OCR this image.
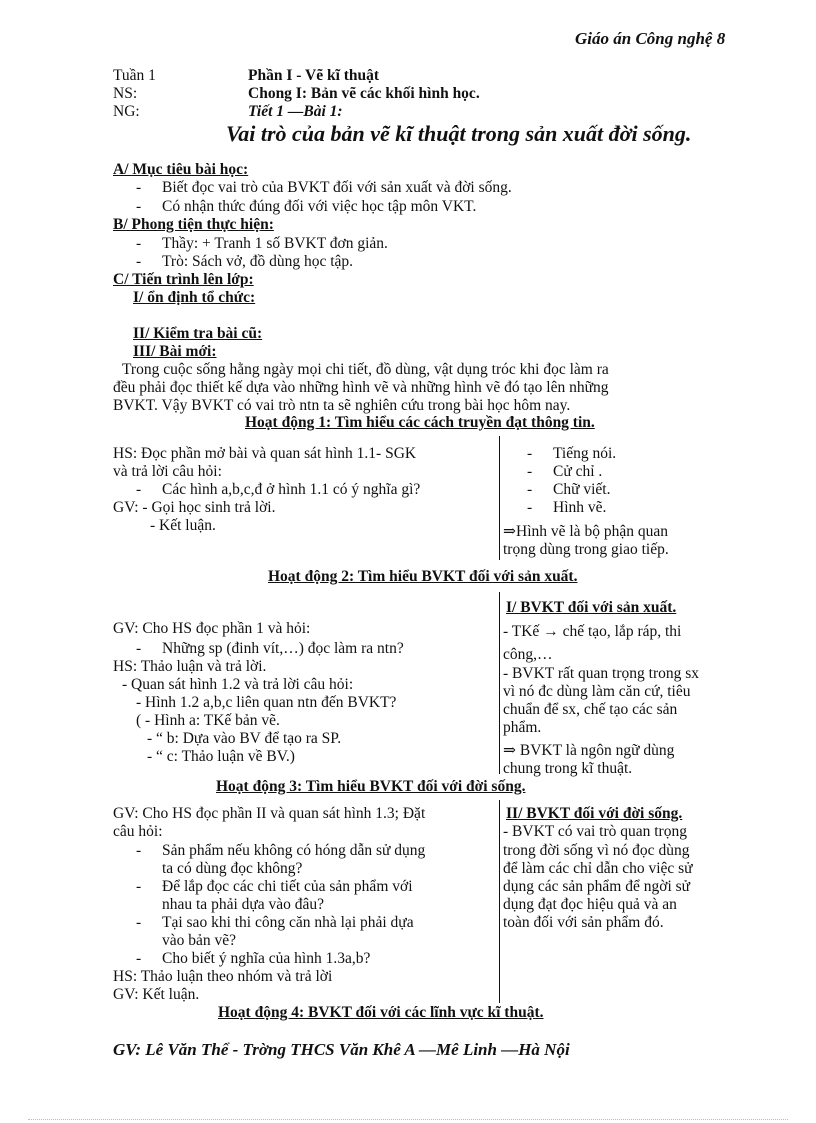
Giáo án Công nghệ 8
Tuần 1
NS:
NG:
Phần I - Vẽ kĩ thuật
Chong I: Bản vẽ các khối hình học.
Tiết 1 —Bài 1:
Vai trò của bản vẽ kĩ thuật trong sản xuất đời sống.
A/ Mục tiêu bài học:
- Biết đọc vai trò của BVKT đối với sản xuất và đời sống.
- Có nhận thức đúng đối với việc học tập môn VKT.
B/ Phong tiện thực hiện:
- Thầy: + Tranh 1 số BVKT đơn giản.
- Trò: Sách vở, đồ dùng học tập.
C/ Tiến trình lên lớp:
I/ ổn định tổ chức:
II/ Kiểm tra bài cũ:
III/ Bài mới:
Trong cuộc sống hằng ngày mọi chi tiết, đồ dùng, vật dụng tróc khi đọc làm ra
đều phải đọc thiết kế dựa vào những hình vẽ và những hình vẽ đó tạo lên những
BVKT. Vậy BVKT có vai trò ntn ta sẽ nghiên cứu trong bài học hôm nay.
Hoạt động 1: Tìm hiểu các cách truyền đạt thông tin.
HS: Đọc phần mở bài và quan sát hình 1.1- SGK
và trả lời câu hỏi:
- Các hình a,b,c,đ ở hình 1.1 có ý nghĩa gì?
GV: - Gọi học sinh trả lời.
- Kết luận.
- Tiếng nói.
- Cử chỉ .
- Chữ viết.
- Hình vẽ.
⇒Hình vẽ là bộ phận quan
trọng dùng trong giao tiếp.
Hoạt động 2: Tìm hiểu BVKT đối với sản xuất.
GV: Cho HS đọc phần 1 và hỏi:
- Những sp (đinh vít,…) đọc làm ra ntn?
HS: Thảo luận và trả lời.
- Quan sát hình 1.2 và trả lời câu hỏi:
- Hình 1.2 a,b,c liên quan ntn đến BVKT?
( - Hình a: TKế bản vẽ.
- “ b: Dựa vào BV để tạo ra SP.
- “ c: Thảo luận về BV.)
I/ BVKT đối với sản xuất.
- TKế → chế tạo, lắp ráp, thi
công,…
- BVKT rất quan trọng trong sx
vì nó đc dùng làm căn cứ, tiêu
chuẩn để sx, chế tạo các sản
phẩm.
⇒ BVKT là ngôn ngữ dùng
chung trong kĩ thuật.
Hoạt động 3: Tìm hiểu BVKT đối với đời sống.
GV: Cho HS đọc phần II và quan sát hình 1.3; Đặt
câu hỏi:
- Sản phẩm nếu không có hóng dẫn sử dụng
ta có dùng đọc không?
- Để lắp đọc các chi tiết của sản phẩm với
nhau ta phải dựa vào đâu?
- Tại sao khi thi công căn nhà lại phải dựa
vào bản vẽ?
- Cho biết ý nghĩa của hình 1.3a,b?
HS: Thảo luận theo nhóm và trả lời
GV: Kết luận.
II/ BVKT đối với đời sống.
- BVKT có vai trò quan trọng
trong đời sống vì nó đọc dùng
để làm các chỉ dẫn cho việc sử
dụng các sản phẩm để ngời sử
dụng đạt đọc hiệu quả và an
toàn đối với sản phẩm đó.
Hoạt động 4: BVKT đối với các lĩnh vực kĩ thuật.
GV: Lê Văn Thể - Trờng THCS Văn Khê A —Mê Linh —Hà Nội
